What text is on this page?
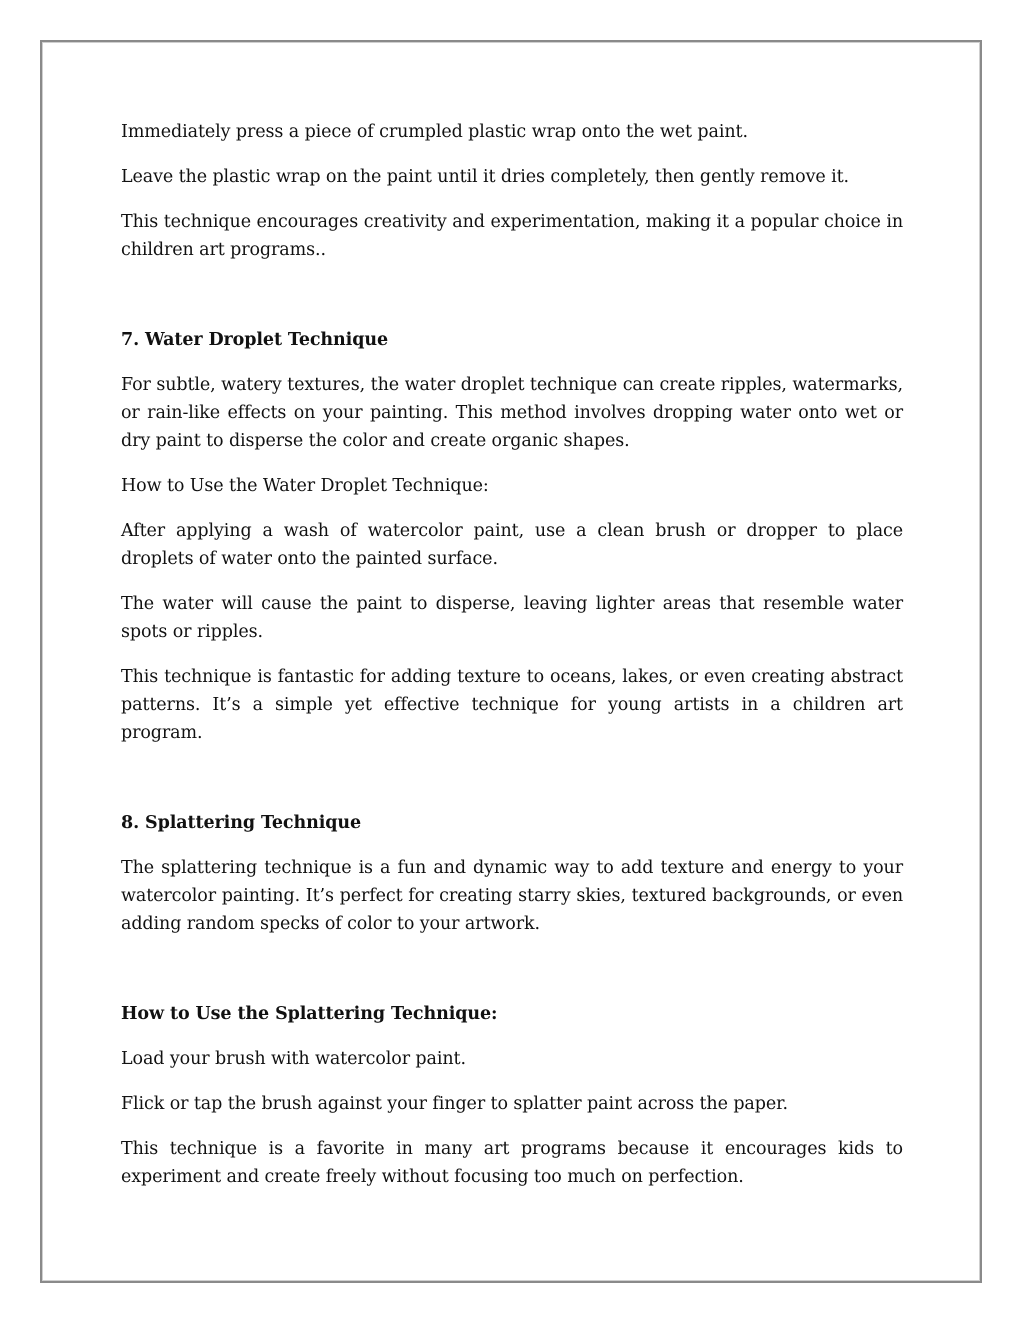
Immediately press a piece of crumpled plastic wrap onto the wet paint.

Leave the plastic wrap on the paint until it dries completely, then gently remove it.

This technique encourages creativity and experimentation, making it a popular choice in children art programs..

7. Water Droplet Technique

For subtle, watery textures, the water droplet technique can create ripples, watermarks, or rain-like effects on your painting. This method involves dropping water onto wet or dry paint to disperse the color and create organic shapes.

How to Use the Water Droplet Technique:

After applying a wash of watercolor paint, use a clean brush or dropper to place droplets of water onto the painted surface.

The water will cause the paint to disperse, leaving lighter areas that resemble water spots or ripples.

This technique is fantastic for adding texture to oceans, lakes, or even creating abstract patterns. It’s a simple yet effective technique for young artists in a children art program.

8. Splattering Technique

The splattering technique is a fun and dynamic way to add texture and energy to your watercolor painting. It’s perfect for creating starry skies, textured backgrounds, or even adding random specks of color to your artwork.

How to Use the Splattering Technique:

Load your brush with watercolor paint.

Flick or tap the brush against your finger to splatter paint across the paper.

This technique is a favorite in many art programs because it encourages kids to experiment and create freely without focusing too much on perfection.
